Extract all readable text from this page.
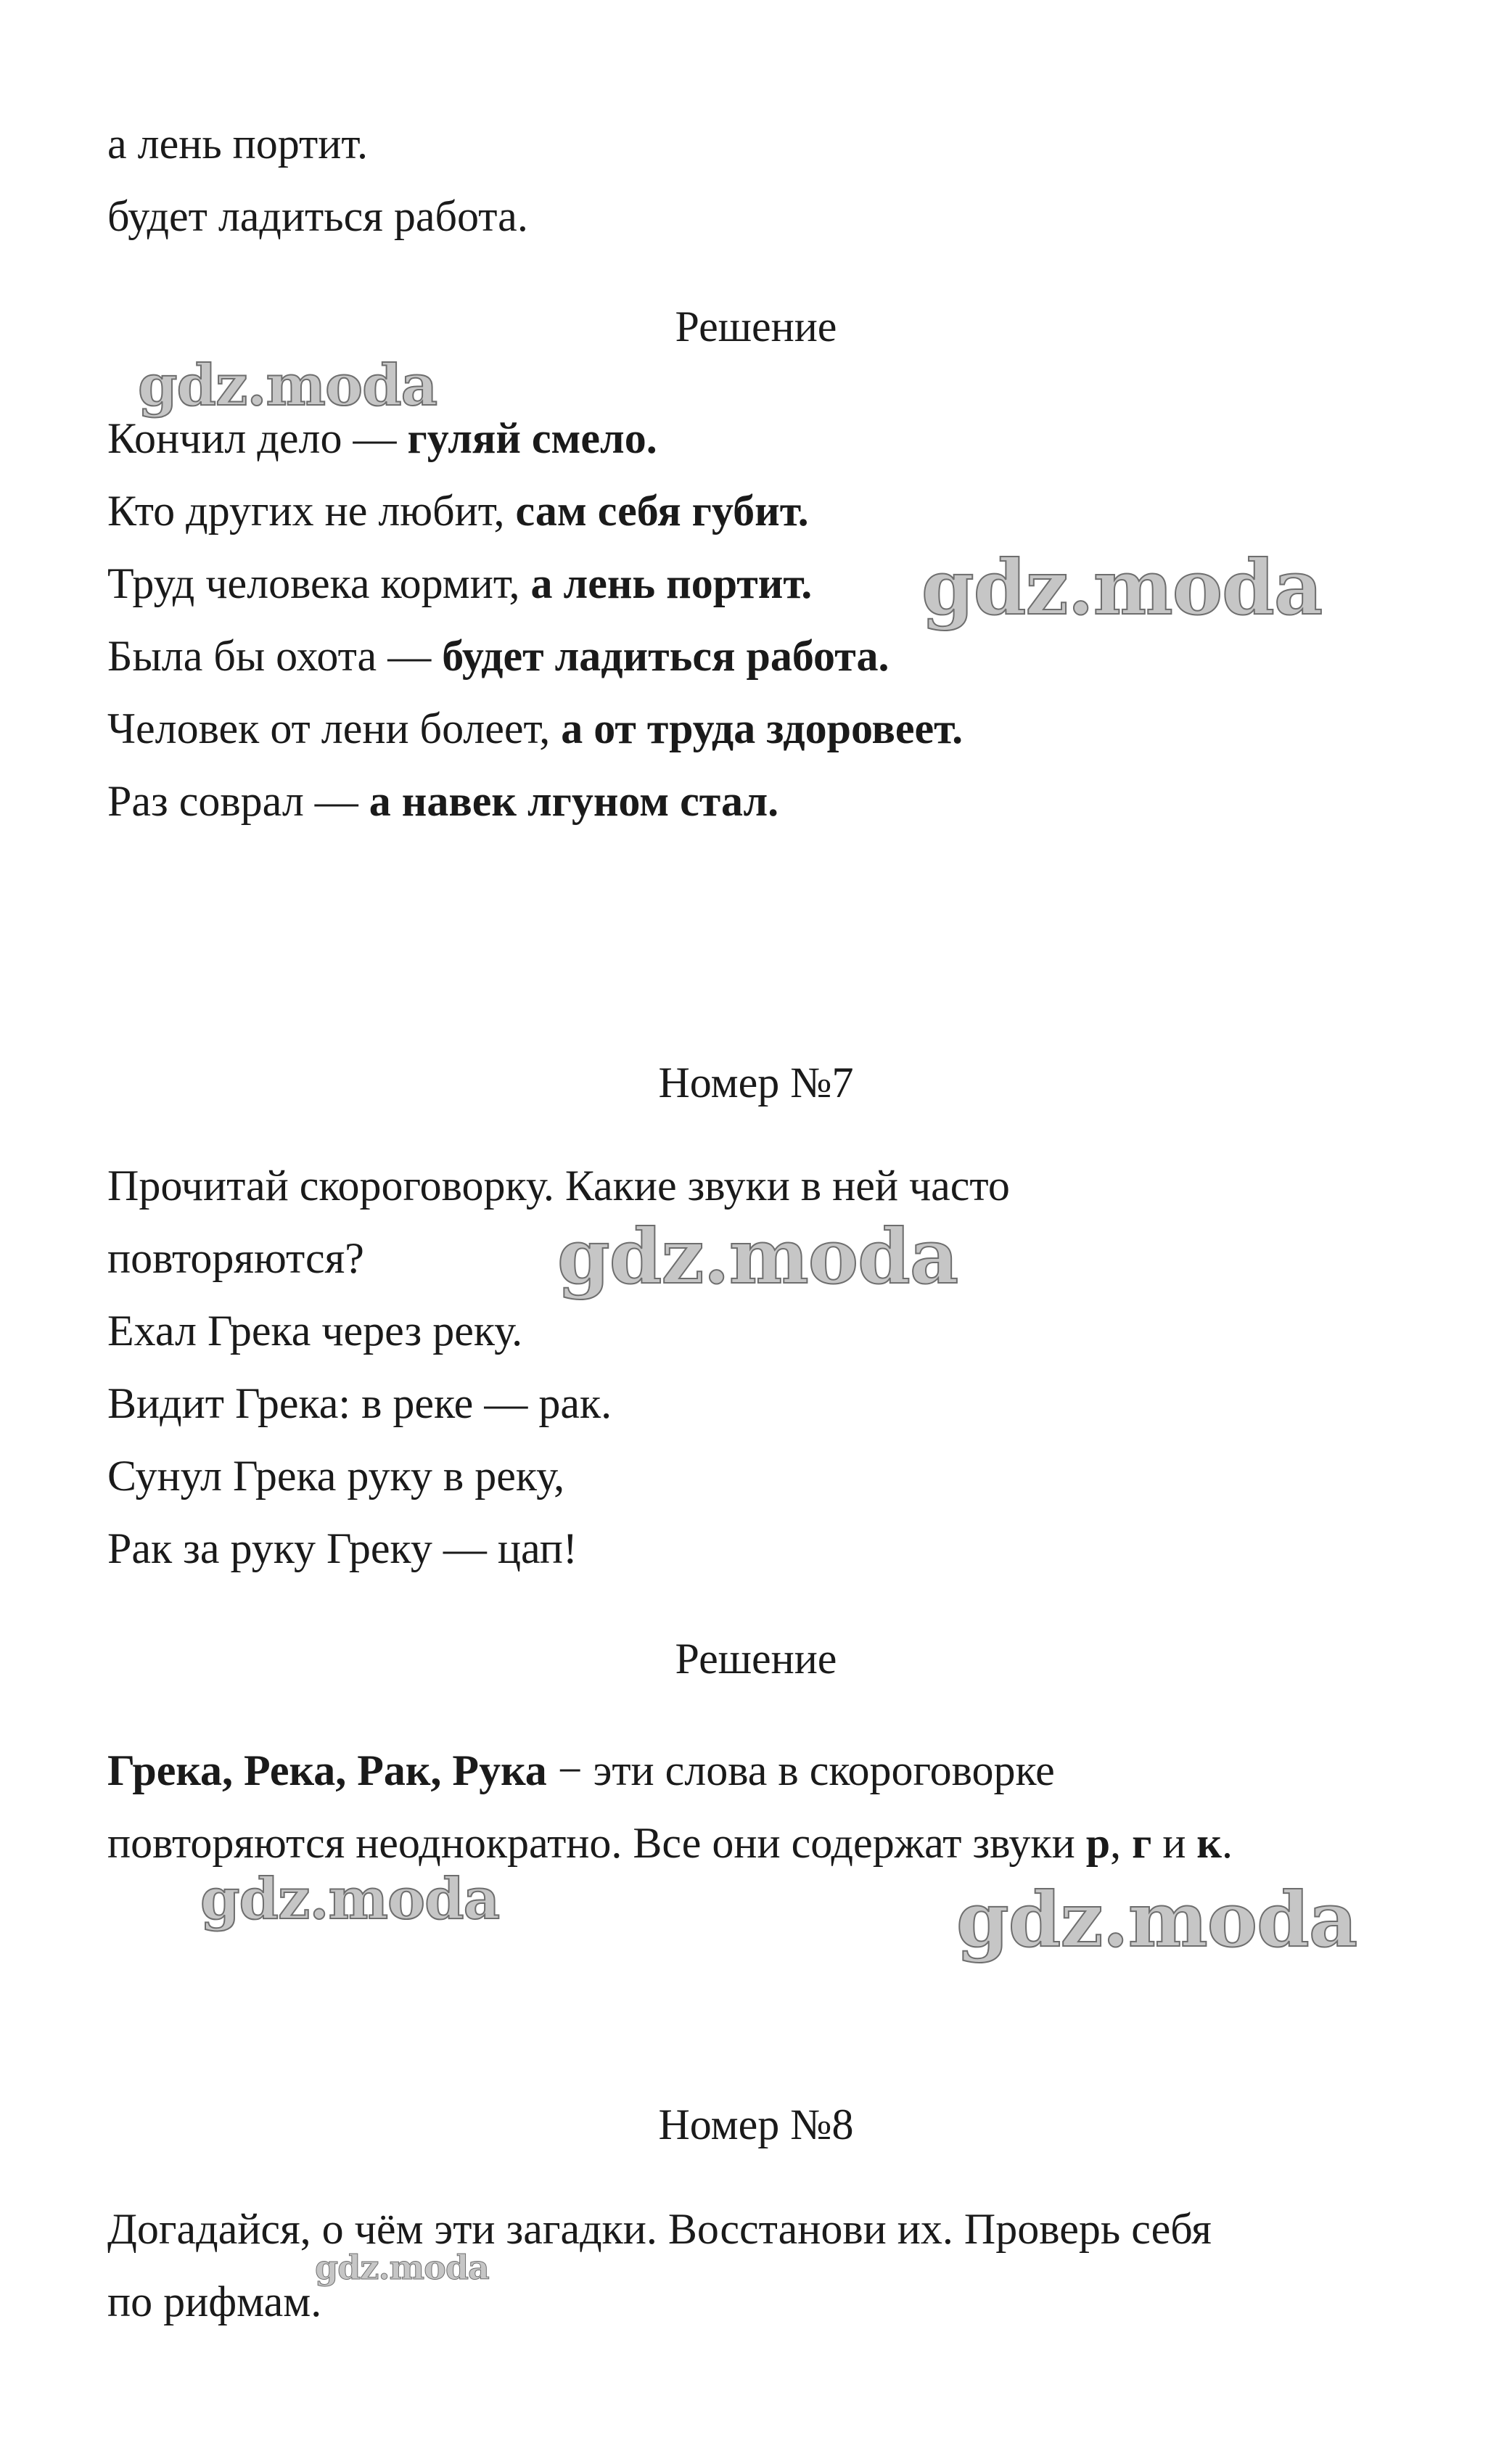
а лень портит.
будет ладиться работа.
Решение
Кончил дело — гуляй смело.
Кто других не любит, сам себя губит.
Труд человека кормит, а лень портит.
Была бы охота — будет ладиться работа.
Человек от лени болеет, а от труда здоровеет.
Раз соврал — а навек лгуном стал.
Номер №7
Прочитай скороговорку. Какие звуки в ней часто
повторяются?
Ехал Грека через реку.
Видит Грека: в реке — рак.
Сунул Грека руку в реку,
Рак за руку Греку — цап!
Решение
Грека, Река, Рак, Рука − эти слова в скороговорке
повторяются неоднократно. Все они содержат звуки р, г и к.
Номер №8
Догадайся, о чём эти загадки. Восстанови их. Проверь себя
по рифмам.
gdz.moda
gdz.moda
gdz.moda
gdz.moda	gdz.moda
gdz.moda
